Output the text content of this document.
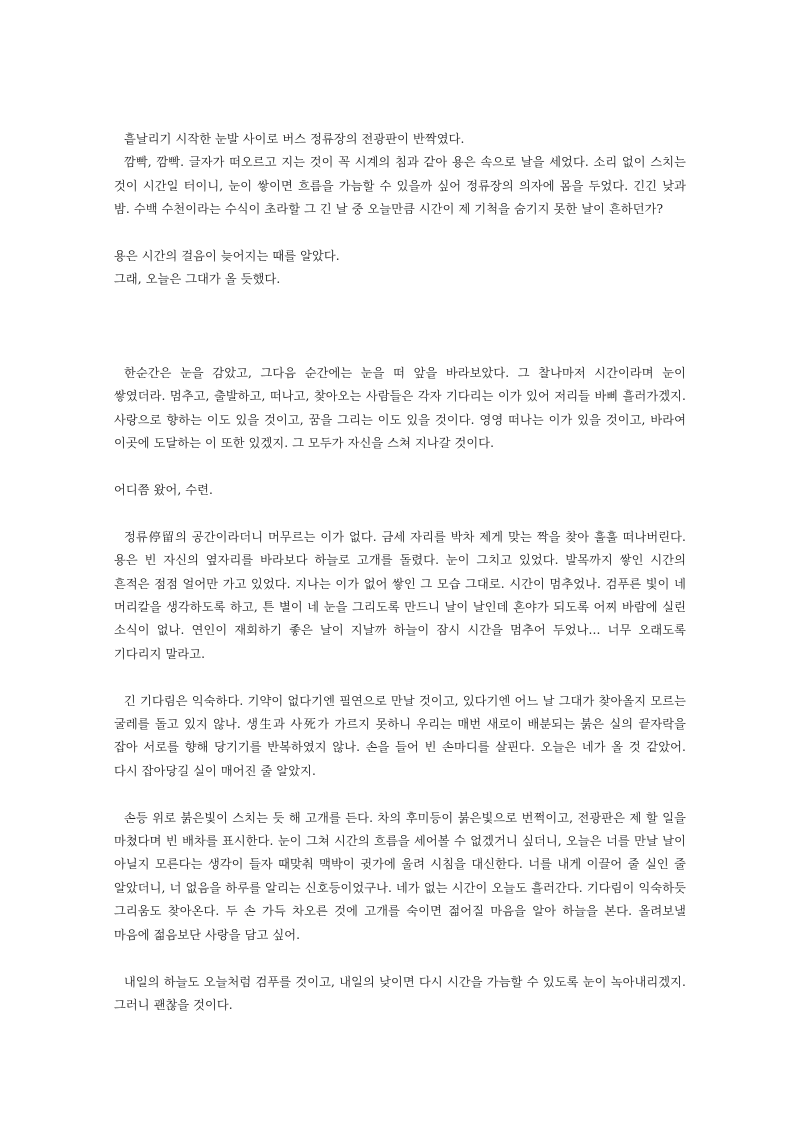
흩날리기 시작한 눈발 사이로 버스 정류장의 전광판이 반짝였다.

깜빡, 깜빡. 글자가 떠오르고 지는 것이 꼭 시계의 침과 같아 용은 속으로 날을 세었다. 소리 없이 스치는 것이 시간일 터이니, 눈이 쌓이면 흐름을 가늠할 수 있을까 싶어 정류장의 의자에 몸을 두었다. 긴긴 낮과 밤. 수백 수천이라는 수식이 초라할 그 긴 날 중 오늘만큼 시간이 제 기척을 숨기지 못한 날이 흔하던가?

용은 시간의 걸음이 늦어지는 때를 알았다.

그래, 오늘은 그대가 올 듯했다.

한순간은 눈을 감았고, 그다음 순간에는 눈을 떠 앞을 바라보았다. 그 찰나마저 시간이라며 눈이 쌓였더라. 멈추고, 출발하고, 떠나고, 찾아오는 사람들은 각자 기다리는 이가 있어 저리들 바삐 흘러가겠지. 사랑으로 향하는 이도 있을 것이고, 꿈을 그리는 이도 있을 것이다. 영영 떠나는 이가 있을 것이고, 바라여 이곳에 도달하는 이 또한 있겠지. 그 모두가 자신을 스쳐 지나갈 것이다.

어디쯤 왔어, 수련.

정류停留의 공간이라더니 머무르는 이가 없다. 금세 자리를 박차 제게 맞는 짝을 찾아 훌훌 떠나버린다. 용은 빈 자신의 옆자리를 바라보다 하늘로 고개를 돌렸다. 눈이 그치고 있었다. 발목까지 쌓인 시간의 흔적은 점점 얼어만 가고 있었다. 지나는 이가 없어 쌓인 그 모습 그대로. 시간이 멈추었나. 검푸른 빛이 네 머리칼을 생각하도록 하고, 튼 별이 네 눈을 그리도록 만드니 날이 날인데 혼야가 되도록 어찌 바람에 실린 소식이 없나. 연인이 재회하기 좋은 날이 지날까 하늘이 잠시 시간을 멈추어 두었나... 너무 오래도록 기다리지 말라고.

긴 기다림은 익숙하다. 기약이 없다기엔 필연으로 만날 것이고, 있다기엔 어느 날 그대가 찾아올지 모르는 굴레를 돌고 있지 않나. 생生과 사死가 가르지 못하니 우리는 매번 새로이 배분되는 붉은 실의 끝자락을 잡아 서로를 향해 당기기를 반복하였지 않나. 손을 들어 빈 손마디를 살핀다. 오늘은 네가 올 것 같았어. 다시 잡아당길 실이 매어진 줄 알았지.

손등 위로 붉은빛이 스치는 듯 해 고개를 든다. 차의 후미등이 붉은빛으로 번쩍이고, 전광판은 제 할 일을 마쳤다며 빈 배차를 표시한다. 눈이 그쳐 시간의 흐름을 세어볼 수 없겠거니 싶더니, 오늘은 너를 만날 날이 아닐지 모른다는 생각이 들자 때맞춰 맥박이 귓가에 울려 시침을 대신한다. 너를 내게 이끌어 줄 실인 줄 알았더니, 너 없음을 하루를 알리는 신호등이었구나. 네가 없는 시간이 오늘도 흘러간다. 기다림이 익숙하듯 그리움도 찾아온다. 두 손 가득 차오른 것에 고개를 숙이면 젊어질 마음을 알아 하늘을 본다. 올려보낼 마음에 젊음보단 사랑을 담고 싶어.

내일의 하늘도 오늘처럼 검푸를 것이고, 내일의 낮이면 다시 시간을 가늠할 수 있도록 눈이 녹아내리겠지. 그러니 괜찮을 것이다.
